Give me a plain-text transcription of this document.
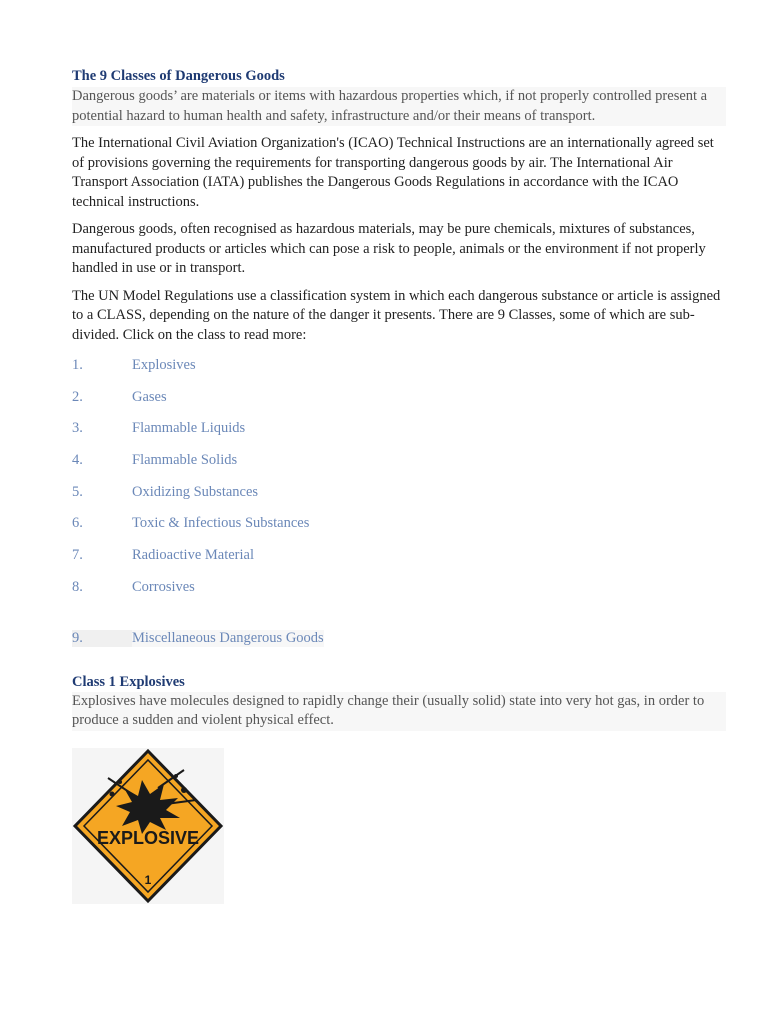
The 9 Classes of Dangerous Goods

Dangerous goods’ are materials or items with hazardous properties which, if not properly controlled present a potential hazard to human health and safety, infrastructure and/or their means of transport.

The International Civil Aviation Organization's (ICAO) Technical Instructions are an internationally agreed set of provisions governing the requirements for transporting dangerous goods by air. The International Air Transport Association (IATA) publishes the Dangerous Goods Regulations in accordance with the ICAO technical instructions.

Dangerous goods, often recognised as hazardous materials, may be pure chemicals, mixtures of substances, manufactured products or articles which can pose a risk to people, animals or the environment if not properly handled in use or in transport.

The UN Model Regulations use a classification system in which each dangerous substance or article is assigned to a CLASS, depending on the nature of the danger it presents. There are 9 Classes, some of which are sub-divided. Click on the class to read more:

1.	Explosives
2.	Gases
3.	Flammable Liquids
4.	Flammable Solids
5.	Oxidizing Substances
6.	Toxic & Infectious Substances
7.	Radioactive Material
8.	Corrosives
9.	Miscellaneous Dangerous Goods
Class 1 Explosives

Explosives have molecules designed to rapidly change their (usually solid) state into very hot gas, in order to produce a sudden and violent physical effect.

EXPLOSIVE
1
